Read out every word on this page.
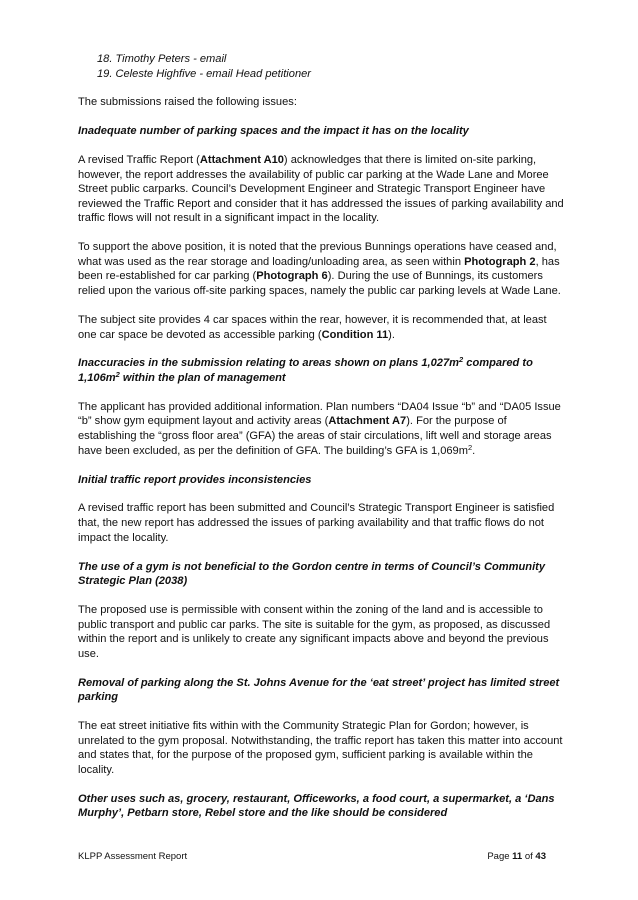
18. Timothy Peters - email
19. Celeste Highfive - email Head petitioner

The submissions raised the following issues:

Inadequate number of parking spaces and the impact it has on the locality

A revised Traffic Report (Attachment A10) acknowledges that there is limited on-site parking, however, the report addresses the availability of public car parking at the Wade Lane and Moree Street public carparks. Council’s Development Engineer and Strategic Transport Engineer have reviewed the Traffic Report and consider that it has addressed the issues of parking availability and traffic flows will not result in a significant impact in the locality.

To support the above position, it is noted that the previous Bunnings operations have ceased and, what was used as the rear storage and loading/unloading area, as seen within Photograph 2, has been re-established for car parking (Photograph 6). During the use of Bunnings, its customers relied upon the various off-site parking spaces, namely the public car parking levels at Wade Lane.

The subject site provides 4 car spaces within the rear, however, it is recommended that, at least one car space be devoted as accessible parking (Condition 11).

Inaccuracies in the submission relating to areas shown on plans $1,027m^2$ compared to $1,106m^2$ within the plan of management

The applicant has provided additional information. Plan numbers “DA04 Issue “b” and “DA05 Issue “b” show gym equipment layout and activity areas (Attachment A7). For the purpose of establishing the “gross floor area” (GFA) the areas of stair circulations, lift well and storage areas have been excluded, as per the definition of GFA. The building’s GFA is $1,069m^2$.

Initial traffic report provides inconsistencies

A revised traffic report has been submitted and Council’s Strategic Transport Engineer is satisfied that, the new report has addressed the issues of parking availability and that traffic flows do not impact the locality.

The use of a gym is not beneficial to the Gordon centre in terms of Council’s Community Strategic Plan (2038)

The proposed use is permissible with consent within the zoning of the land and is accessible to public transport and public car parks. The site is suitable for the gym, as proposed, as discussed within the report and is unlikely to create any significant impacts above and beyond the previous use.

Removal of parking along the St. Johns Avenue for the ‘eat street’ project has limited street parking

The eat street initiative fits within with the Community Strategic Plan for Gordon; however, is unrelated to the gym proposal. Notwithstanding, the traffic report has taken this matter into account and states that, for the purpose of the proposed gym, sufficient parking is available within the locality.

Other uses such as, grocery, restaurant, Officeworks, a food court, a supermarket, a ‘Dans Murphy’, Petbarn store, Rebel store and the like should be considered
KLPP Assessment Report	Page 11 of 43
